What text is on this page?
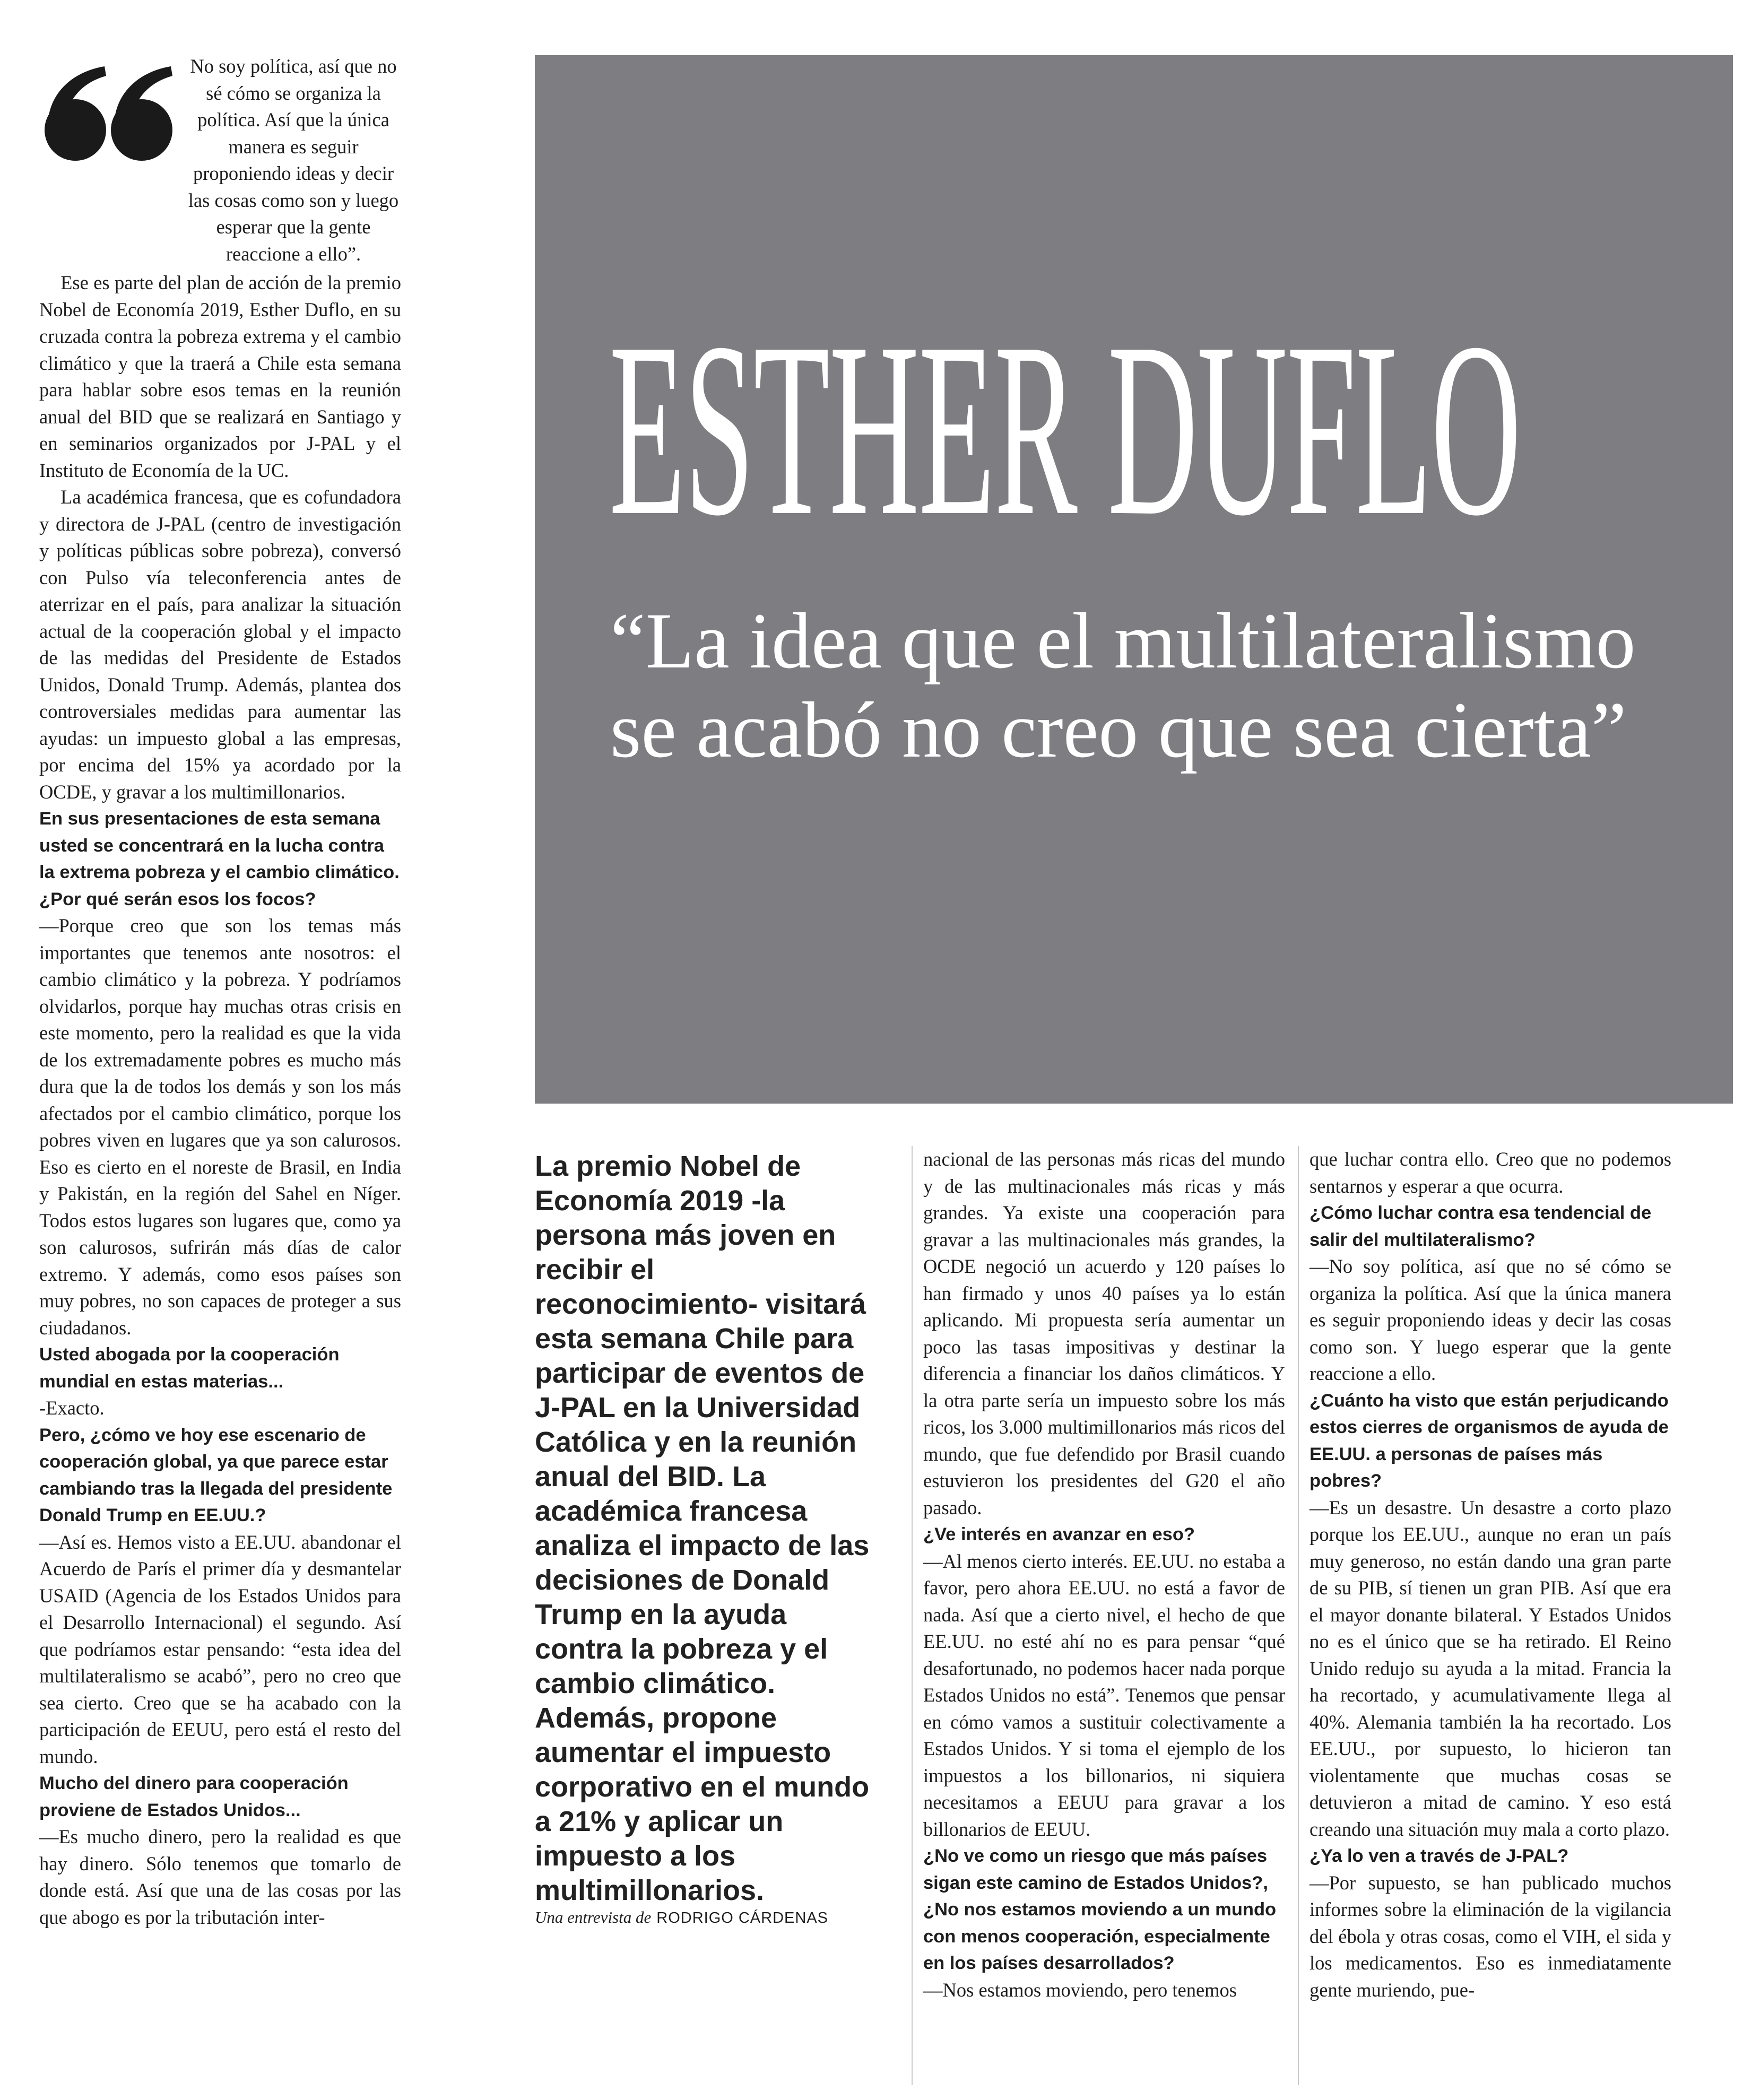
No soy política, así que no sé cómo se organiza la política. Así que la única manera es seguir proponiendo ideas y decir las cosas como son y luego esperar que la gente reaccione a ello”.

Ese es parte del plan de acción de la premio Nobel de Economía 2019, Esther Duflo, en su cruzada contra la pobreza extrema y el cambio climático y que la traerá a Chile esta semana para hablar sobre esos temas en la reunión anual del BID que se realizará en Santiago y en seminarios organizados por J-PAL y el Instituto de Economía de la UC.

La académica francesa, que es cofundadora y directora de J-PAL (centro de investigación y políticas públicas sobre pobreza), conversó con Pulso vía teleconferencia antes de aterrizar en el país, para analizar la situación actual de la cooperación global y el impacto de las medidas del Presidente de Estados Unidos, Donald Trump. Además, plantea dos controversiales medidas para aumentar las ayudas: un impuesto global a las empresas, por encima del 15% ya acordado por la OCDE, y gravar a los multimillonarios.

En sus presentaciones de esta semana usted se concentrará en la lucha contra la extrema pobreza y el cambio climático. ¿Por qué serán esos los focos?

—Porque creo que son los temas más importantes que tenemos ante nosotros: el cambio climático y la pobreza. Y podríamos olvidarlos, porque hay muchas otras crisis en este momento, pero la realidad es que la vida de los extremadamente pobres es mucho más dura que la de todos los demás y son los más afectados por el cambio climático, porque los pobres viven en lugares que ya son calurosos. Eso es cierto en el noreste de Brasil, en India y Pakistán, en la región del Sahel en Níger. Todos estos lugares son lugares que, como ya son calurosos, sufrirán más días de calor extremo. Y además, como esos países son muy pobres, no son capaces de proteger a sus ciudadanos.

Usted abogada por la cooperación mundial en estas materias...

-Exacto.

Pero, ¿cómo ve hoy ese escenario de cooperación global, ya que parece estar cambiando tras la llegada del presidente Donald Trump en EE.UU.?

—Así es. Hemos visto a EE.UU. abandonar el Acuerdo de París el primer día y desmantelar USAID (Agencia de los Estados Unidos para el Desarrollo Internacional) el segundo. Así que podríamos estar pensando: “esta idea del multilateralismo se acabó”, pero no creo que sea cierto. Creo que se ha acabado con la participación de EEUU, pero está el resto del mundo.

Mucho del dinero para cooperación proviene de Estados Unidos...

—Es mucho dinero, pero la realidad es que hay dinero. Sólo tenemos que tomarlo de donde está. Así que una de las cosas por las que abogo es por la tributación inter-

ESTHER DUFLO
“La idea que el multilateralismo se acabó no creo que sea cierta”

La premio Nobel de Economía 2019 -la persona más joven en recibir el reconocimiento- visitará esta semana Chile para participar de eventos de J-PAL en la Universidad Católica y en la reunión anual del BID. La académica francesa analiza el impacto de las decisiones de Donald Trump en la ayuda contra la pobreza y el cambio climático. Además, propone aumentar el impuesto corporativo en el mundo a 21% y aplicar un impuesto a los multimillonarios.

Una entrevista de RODRIGO CÁRDENAS

nacional de las personas más ricas del mundo y de las multinacionales más ricas y más grandes. Ya existe una cooperación para gravar a las multinacionales más grandes, la OCDE negoció un acuerdo y 120 países lo han firmado y unos 40 países ya lo están aplicando. Mi propuesta sería aumentar un poco las tasas impositivas y destinar la diferencia a financiar los daños climáticos. Y la otra parte sería un impuesto sobre los más ricos, los 3.000 multimillonarios más ricos del mundo, que fue defendido por Brasil cuando estuvieron los presidentes del G20 el año pasado.

¿Ve interés en avanzar en eso?

—Al menos cierto interés. EE.UU. no estaba a favor, pero ahora EE.UU. no está a favor de nada. Así que a cierto nivel, el hecho de que EE.UU. no esté ahí no es para pensar “qué desafortunado, no podemos hacer nada porque Estados Unidos no está”. Tenemos que pensar en cómo vamos a sustituir colectivamente a Estados Unidos. Y si toma el ejemplo de los impuestos a los billonarios, ni siquiera necesitamos a EEUU para gravar a los billonarios de EEUU.

¿No ve como un riesgo que más países sigan este camino de Estados Unidos?, ¿No nos estamos moviendo a un mundo con menos cooperación, especialmente en los países desarrollados?

—Nos estamos moviendo, pero tenemos

que luchar contra ello. Creo que no podemos sentarnos y esperar a que ocurra.

¿Cómo luchar contra esa tendencial de salir del multilateralismo?

—No soy política, así que no sé cómo se organiza la política. Así que la única manera es seguir proponiendo ideas y decir las cosas como son. Y luego esperar que la gente reaccione a ello.

¿Cuánto ha visto que están perjudicando estos cierres de organismos de ayuda de EE.UU. a personas de países más pobres?

—Es un desastre. Un desastre a corto plazo porque los EE.UU., aunque no eran un país muy generoso, no están dando una gran parte de su PIB, sí tienen un gran PIB. Así que era el mayor donante bilateral. Y Estados Unidos no es el único que se ha retirado. El Reino Unido redujo su ayuda a la mitad. Francia la ha recortado, y acumulativamente llega al 40%. Alemania también la ha recortado. Los EE.UU., por supuesto, lo hicieron tan violentamente que muchas cosas se detuvieron a mitad de camino. Y eso está creando una situación muy mala a corto plazo.

¿Ya lo ven a través de J-PAL?

—Por supuesto, se han publicado muchos informes sobre la eliminación de la vigilancia del ébola y otras cosas, como el VIH, el sida y los medicamentos. Eso es inmediatamente gente muriendo, pue-
